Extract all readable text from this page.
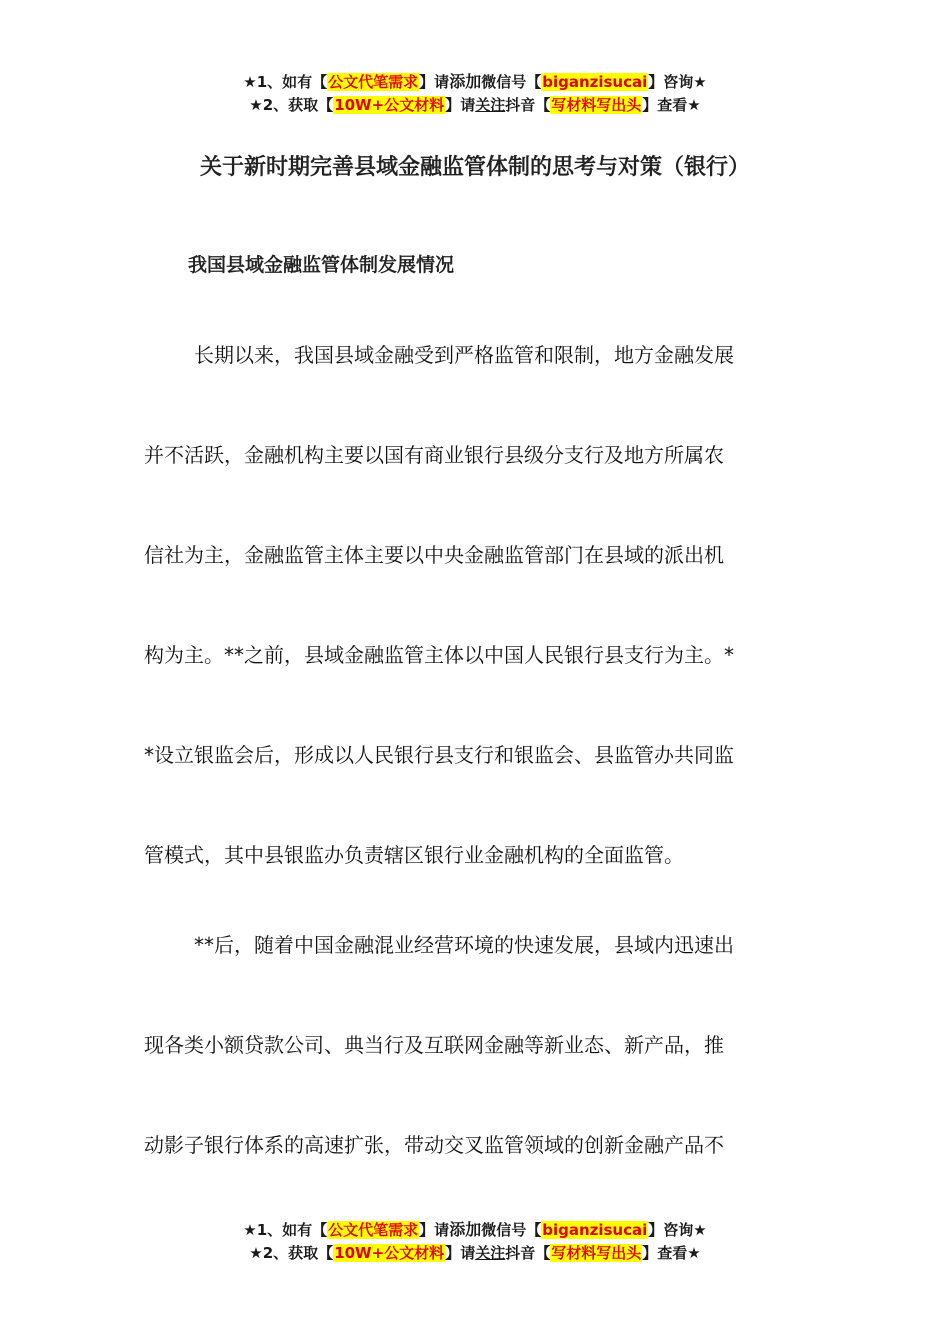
★1、如有【公文代笔需求】请添加微信号【biganzisucai】咨询★
★2、获取【10W+公文材料】请关注抖音【写材料写出头】查看★
关于新时期完善县域金融监管体制的思考与对策（银行）
我国县域金融监管体制发展情况
长期以来，我国县域金融受到严格监管和限制，地方金融发展
并不活跃，金融机构主要以国有商业银行县级分支行及地方所属农
信社为主，金融监管主体主要以中央金融监管部门在县域的派出机
构为主。**之前，县域金融监管主体以中国人民银行县支行为主。*
*设立银监会后，形成以人民银行县支行和银监会、县监管办共同监
管模式，其中县银监办负责辖区银行业金融机构的全面监管。
**后，随着中国金融混业经营环境的快速发展，县域内迅速出
现各类小额贷款公司、典当行及互联网金融等新业态、新产品，推
动影子银行体系的高速扩张，带动交叉监管领域的创新金融产品不
★1、如有【公文代笔需求】请添加微信号【biganzisucai】咨询★
★2、获取【10W+公文材料】请关注抖音【写材料写出头】查看★
